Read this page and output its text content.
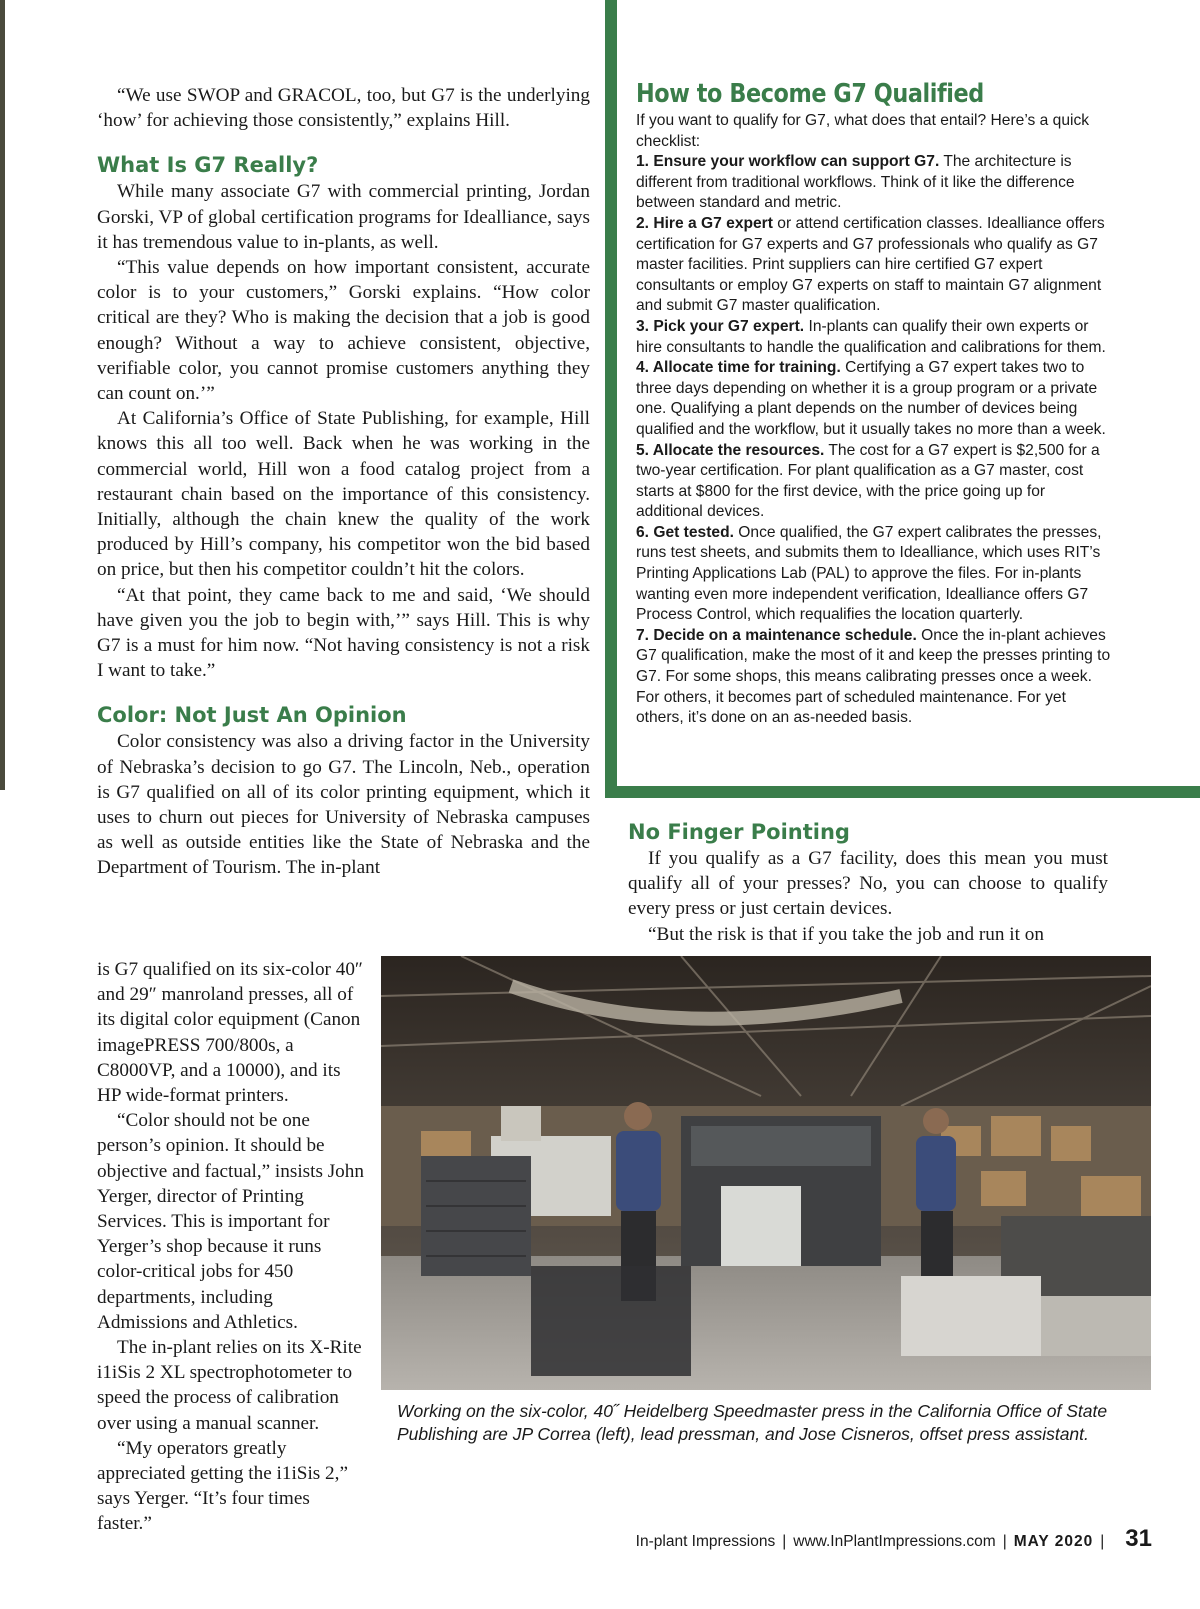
“We use SWOP and GRACOL, too, but G7 is the underlying ‘how’ for achieving those consistently,” explains Hill.

What Is G7 Really?

While many associate G7 with commercial printing, Jordan Gorski, VP of global certification programs for Idealliance, says it has tremendous value to in-plants, as well.

“This value depends on how important consistent, accurate color is to your customers,” Gorski explains. “How color critical are they? Who is making the decision that a job is good enough? Without a way to achieve consistent, objective, verifiable color, you cannot promise customers anything they can count on.’”

At California’s Office of State Publishing, for example, Hill knows this all too well. Back when he was working in the commercial world, Hill won a food catalog project from a restaurant chain based on the importance of this consistency. Initially, although the chain knew the quality of the work produced by Hill’s company, his competitor won the bid based on price, but then his competitor couldn’t hit the colors.

“At that point, they came back to me and said, ‘We should have given you the job to begin with,’” says Hill. This is why G7 is a must for him now. “Not having consistency is not a risk I want to take.”

Color: Not Just An Opinion

Color consistency was also a driving factor in the University of Nebraska’s decision to go G7. The Lincoln, Neb., operation is G7 qualified on all of its color printing equipment, which it uses to churn out pieces for University of Nebraska campuses as well as outside entities like the State of Nebraska and the Department of Tourism. The in-plant

is G7 qualified on its six-color 40″ and 29″ manroland presses, all of its digital color equipment (Canon imagePRESS 700/800s, a C8000VP, and a 10000), and its HP wide-format printers.

“Color should not be one person’s opinion. It should be objective and factual,” insists John Yerger, director of Printing Services. This is important for Yerger’s shop because it runs color-critical jobs for 450 departments, including Admissions and Athletics.

The in-plant relies on its X-Rite i1iSis 2 XL spectrophotometer to speed the process of calibration over using a manual scanner.

“My operators greatly appreciated getting the i1iSis 2,” says Yerger. “It’s four times faster.”

How to Become G7 Qualified

If you want to qualify for G7, what does that entail? Here’s a quick checklist:

1. Ensure your workflow can support G7. The architecture is different from traditional workflows. Think of it like the difference between standard and metric.

2. Hire a G7 expert or attend certification classes. Idealliance offers certification for G7 experts and G7 professionals who qualify as G7 master facilities. Print suppliers can hire certified G7 expert consultants or employ G7 experts on staff to maintain G7 alignment and submit G7 master qualification.

3. Pick your G7 expert. In-plants can qualify their own experts or hire consultants to handle the qualification and calibrations for them.

4. Allocate time for training. Certifying a G7 expert takes two to three days depending on whether it is a group program or a private one. Qualifying a plant depends on the number of devices being qualified and the workflow, but it usually takes no more than a week.

5. Allocate the resources. The cost for a G7 expert is $2,500 for a two-year certification. For plant qualification as a G7 master, cost starts at $800 for the first device, with the price going up for additional devices.

6. Get tested. Once qualified, the G7 expert calibrates the presses, runs test sheets, and submits them to Idealliance, which uses RIT’s Printing Applications Lab (PAL) to approve the files. For in-plants wanting even more independent verification, Idealliance offers G7 Process Control, which requalifies the location quarterly.

7. Decide on a maintenance schedule. Once the in-plant achieves G7 qualification, make the most of it and keep the presses printing to G7. For some shops, this means calibrating presses once a week. For others, it becomes part of scheduled maintenance. For yet others, it’s done on an as-needed basis.

No Finger Pointing

If you qualify as a G7 facility, does this mean you must qualify all of your presses? No, you can choose to qualify every press or just certain devices.

“But the risk is that if you take the job and run it on

Working on the six-color, 40˝ Heidelberg Speedmaster press in the California Office of State Publishing are JP Correa (left), lead pressman, and Jose Cisneros, offset press assistant.
In-plant Impressions | www.InPlantImpressions.com | MAY 2020 | 31
